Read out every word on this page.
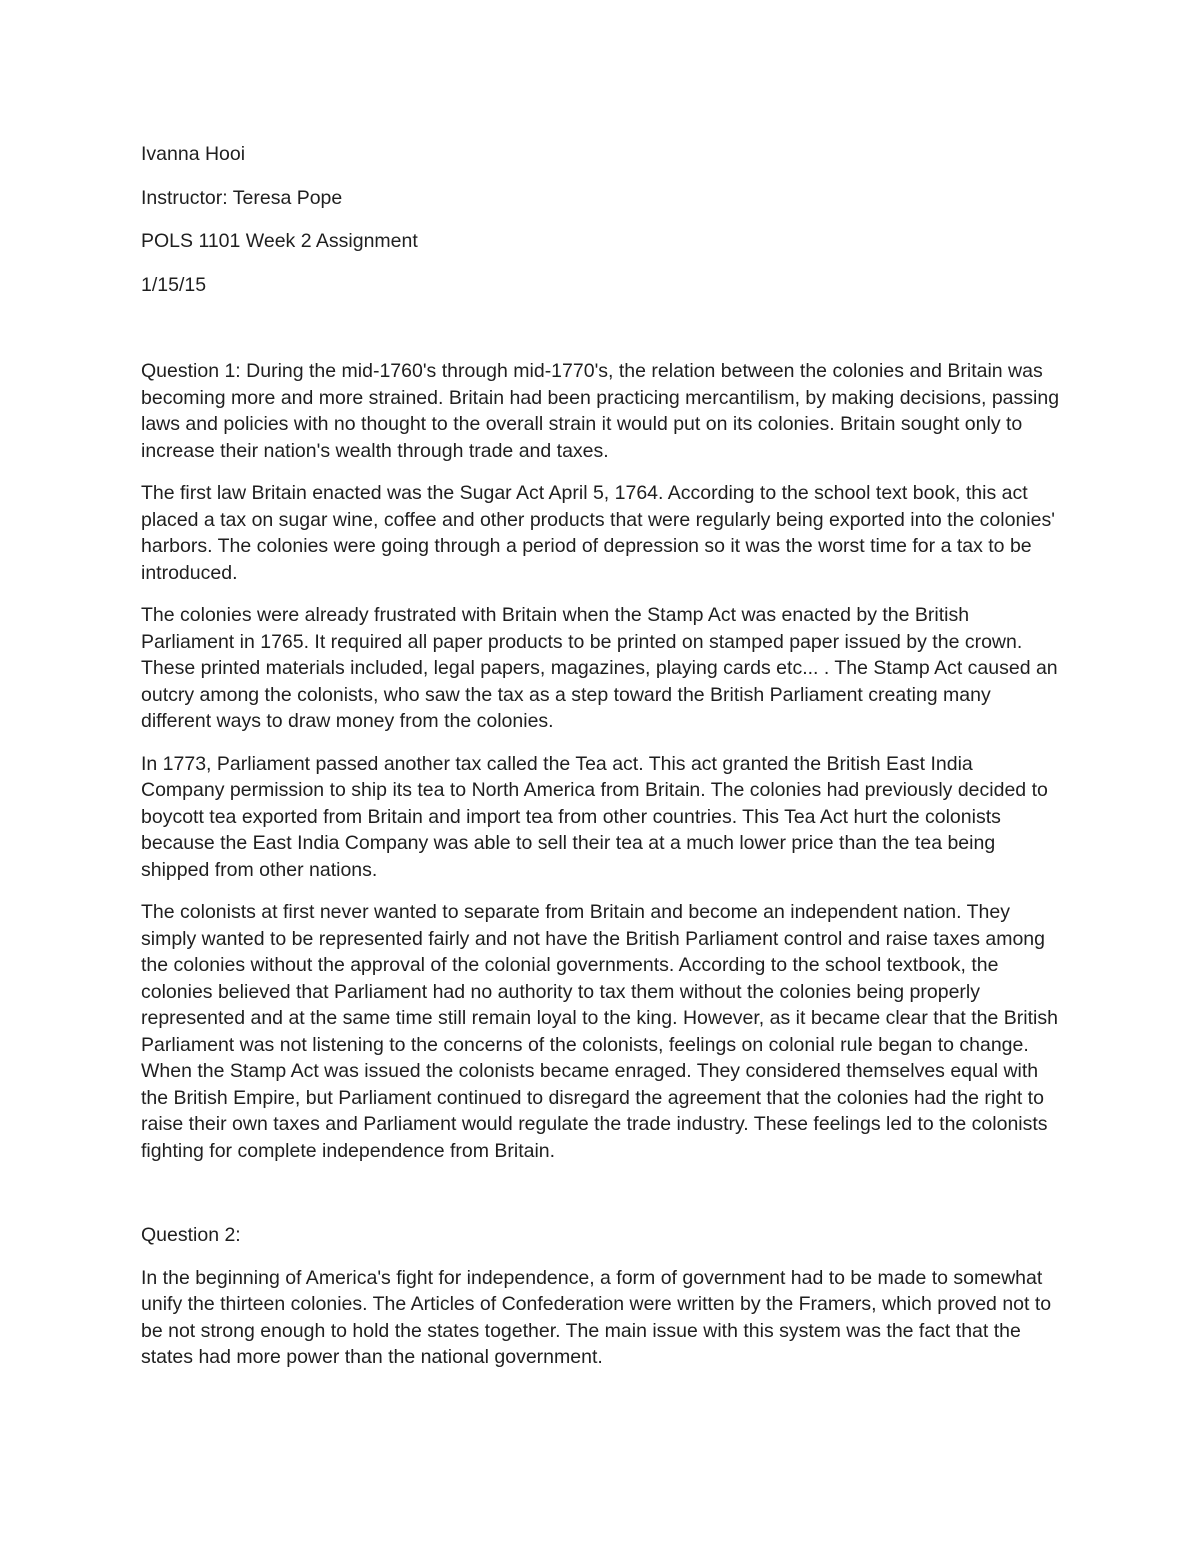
Ivanna Hooi
Instructor: Teresa Pope
POLS 1101 Week 2 Assignment
1/15/15
Question 1: During the mid-1760's through mid-1770's, the relation between the colonies and Britain was becoming more and more strained. Britain had been practicing mercantilism, by making decisions, passing laws and policies with no thought to the overall strain it would put on its colonies. Britain sought only to increase their nation's wealth through trade and taxes.
The first law Britain enacted was the Sugar Act April 5, 1764. According to the school text book, this act placed a tax on sugar wine, coffee and other products that were regularly being exported into the colonies' harbors. The colonies were going through a period of depression so it was the worst time for a tax to be introduced.
The colonies were already frustrated with Britain when the Stamp Act was enacted by the British Parliament in 1765. It required all paper products to be printed on stamped paper issued by the crown. These printed materials included, legal papers, magazines, playing cards etc... . The Stamp Act caused an outcry among the colonists, who saw the tax as a step toward the British Parliament creating many different ways to draw money from the colonies.
In 1773, Parliament passed another tax called the Tea act. This act granted the British East India Company permission to ship its tea to North America from Britain. The colonies had previously decided to boycott tea exported from Britain and import tea from other countries. This Tea Act hurt the colonists because the East India Company was able to sell their tea at a much lower price than the tea being shipped from other nations.
The colonists at first never wanted to separate from Britain and become an independent nation. They simply wanted to be represented fairly and not have the British Parliament control and raise taxes among the colonies without the approval of the colonial governments. According to the school textbook, the colonies believed that Parliament had no authority to tax them without the colonies being properly represented and at the same time still remain loyal to the king. However, as it became clear that the British Parliament was not listening to the concerns of the colonists, feelings on colonial rule began to change. When the Stamp Act was issued the colonists became enraged. They considered themselves equal with the British Empire, but Parliament continued to disregard the agreement that the colonies had the right to raise their own taxes and Parliament would regulate the trade industry. These feelings led to the colonists fighting for complete independence from Britain.
Question 2:
In the beginning of America's fight for independence, a form of government had to be made to somewhat unify the thirteen colonies. The Articles of Confederation were written by the Framers, which proved not to be not strong enough to hold the states together. The main issue with this system was the fact that the states had more power than the national government.
